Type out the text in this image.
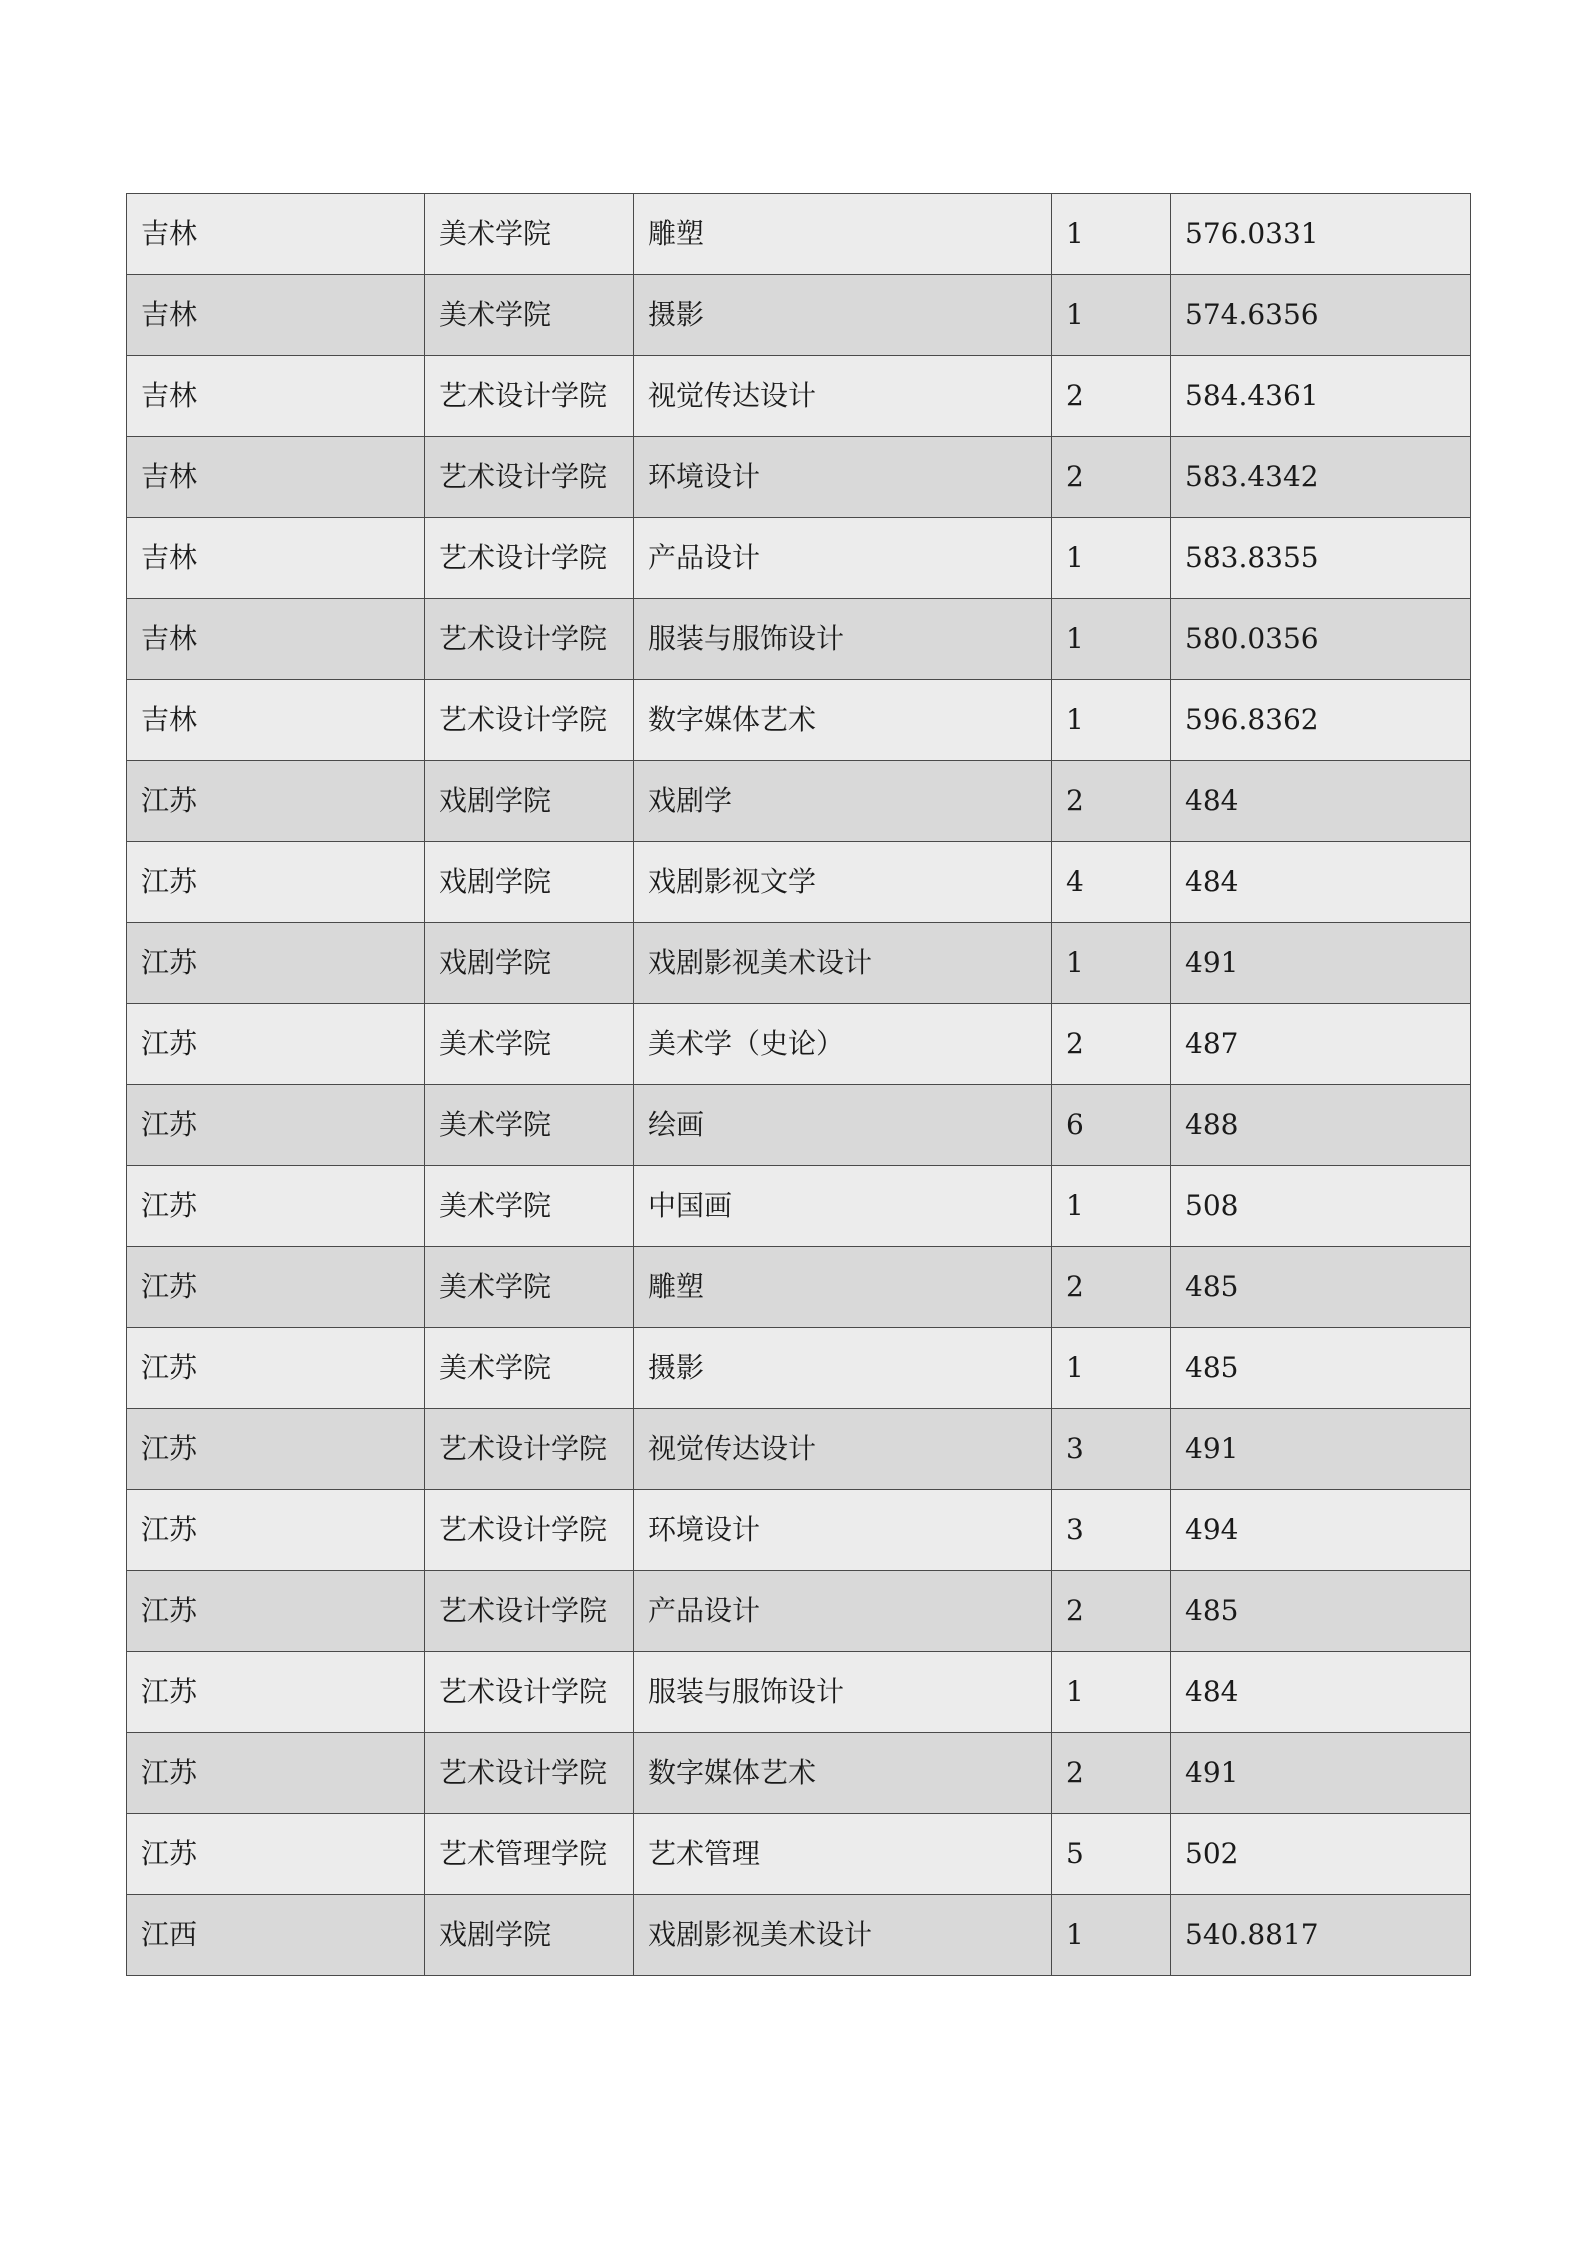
吉林	美术学院	雕塑	1	576.0331
吉林	美术学院	摄影	1	574.6356
吉林	艺术设计学院	视觉传达设计	2	584.4361
吉林	艺术设计学院	环境设计	2	583.4342
吉林	艺术设计学院	产品设计	1	583.8355
吉林	艺术设计学院	服装与服饰设计	1	580.0356
吉林	艺术设计学院	数字媒体艺术	1	596.8362
江苏	戏剧学院	戏剧学	2	484
江苏	戏剧学院	戏剧影视文学	4	484
江苏	戏剧学院	戏剧影视美术设计	1	491
江苏	美术学院	美术学（史论）	2	487
江苏	美术学院	绘画	6	488
江苏	美术学院	中国画	1	508
江苏	美术学院	雕塑	2	485
江苏	美术学院	摄影	1	485
江苏	艺术设计学院	视觉传达设计	3	491
江苏	艺术设计学院	环境设计	3	494
江苏	艺术设计学院	产品设计	2	485
江苏	艺术设计学院	服装与服饰设计	1	484
江苏	艺术设计学院	数字媒体艺术	2	491
江苏	艺术管理学院	艺术管理	5	502
江西	戏剧学院	戏剧影视美术设计	1	540.8817
